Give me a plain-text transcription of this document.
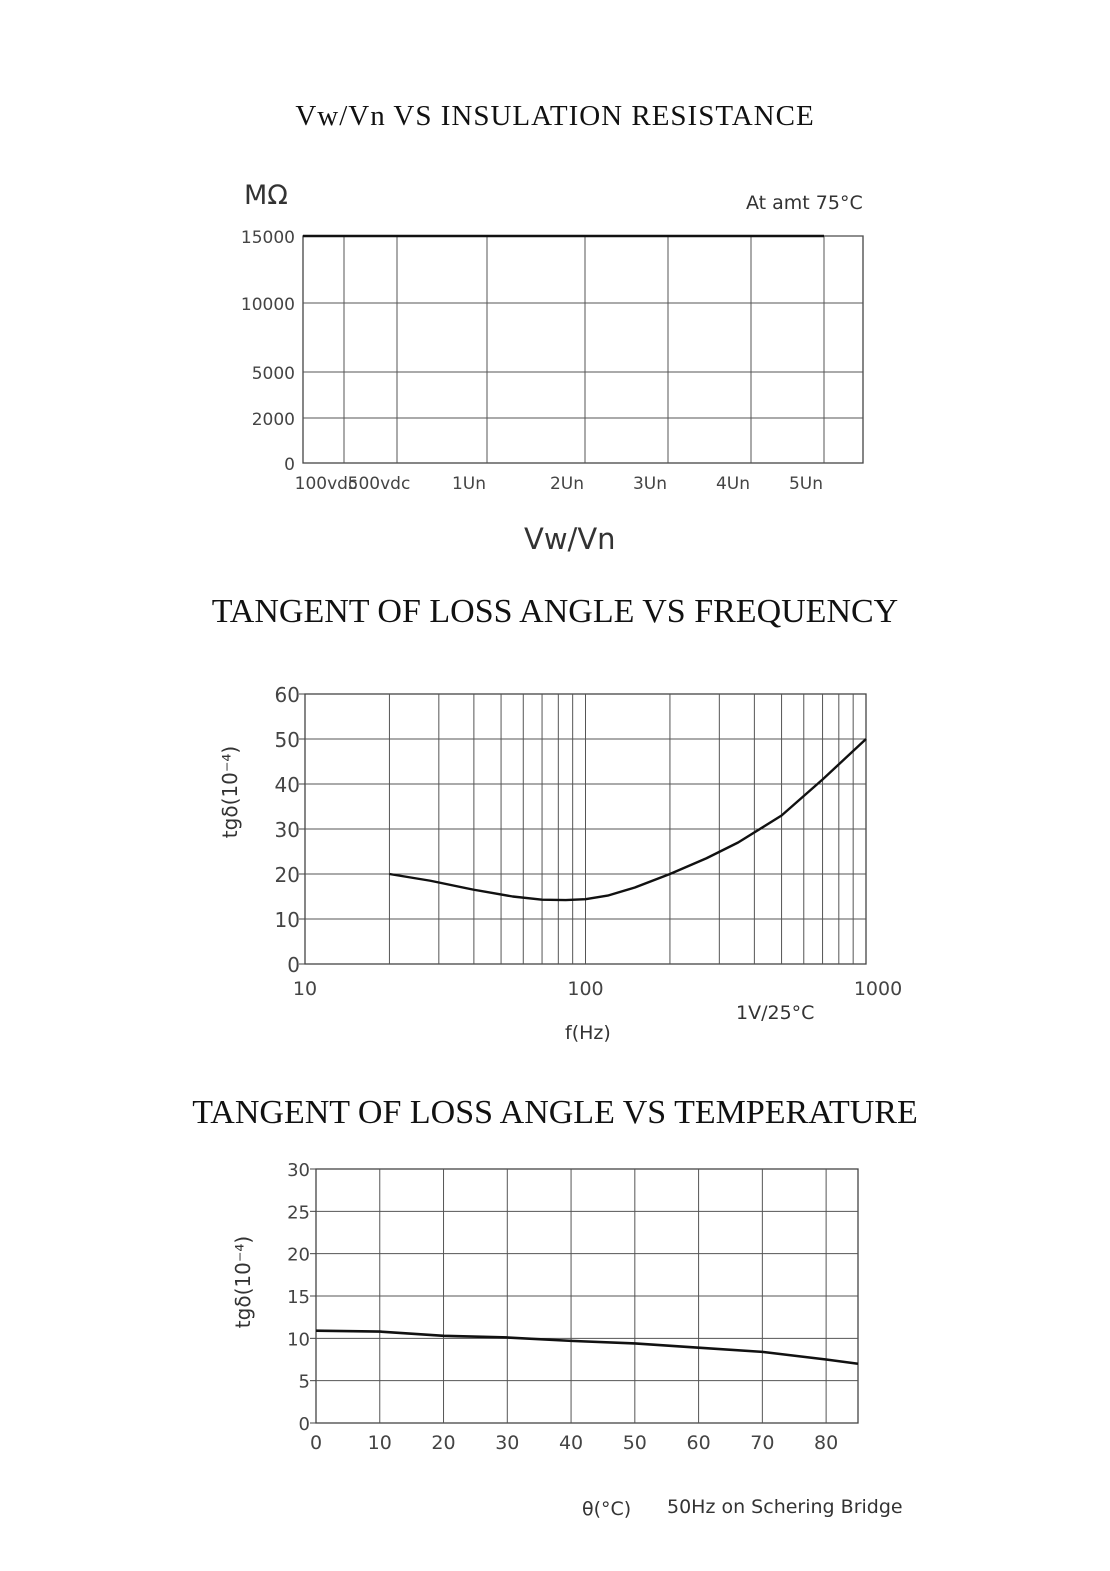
Vw/Vn VS INSULATION RESISTANCE
TANGENT OF LOSS ANGLE VS FREQUENCY
TANGENT OF LOSS ANGLE VS TEMPERATURE
MΩ	At amt 75°C
Vw/Vn
tgδ(10⁻⁴)
f(Hz)
1V/25°C
tgδ(10⁻⁴)
θ(°C) 50Hz on Schering Bridge
0
2000
5000
10000
15000
100vdc
500vdc 1Un	2Un	3Un	4Un 5Un
0
10
20
30
40
50
60
10	100	1000
0 10 20 30 40 50 60 70 80
0
5
10
15
20
25
30
